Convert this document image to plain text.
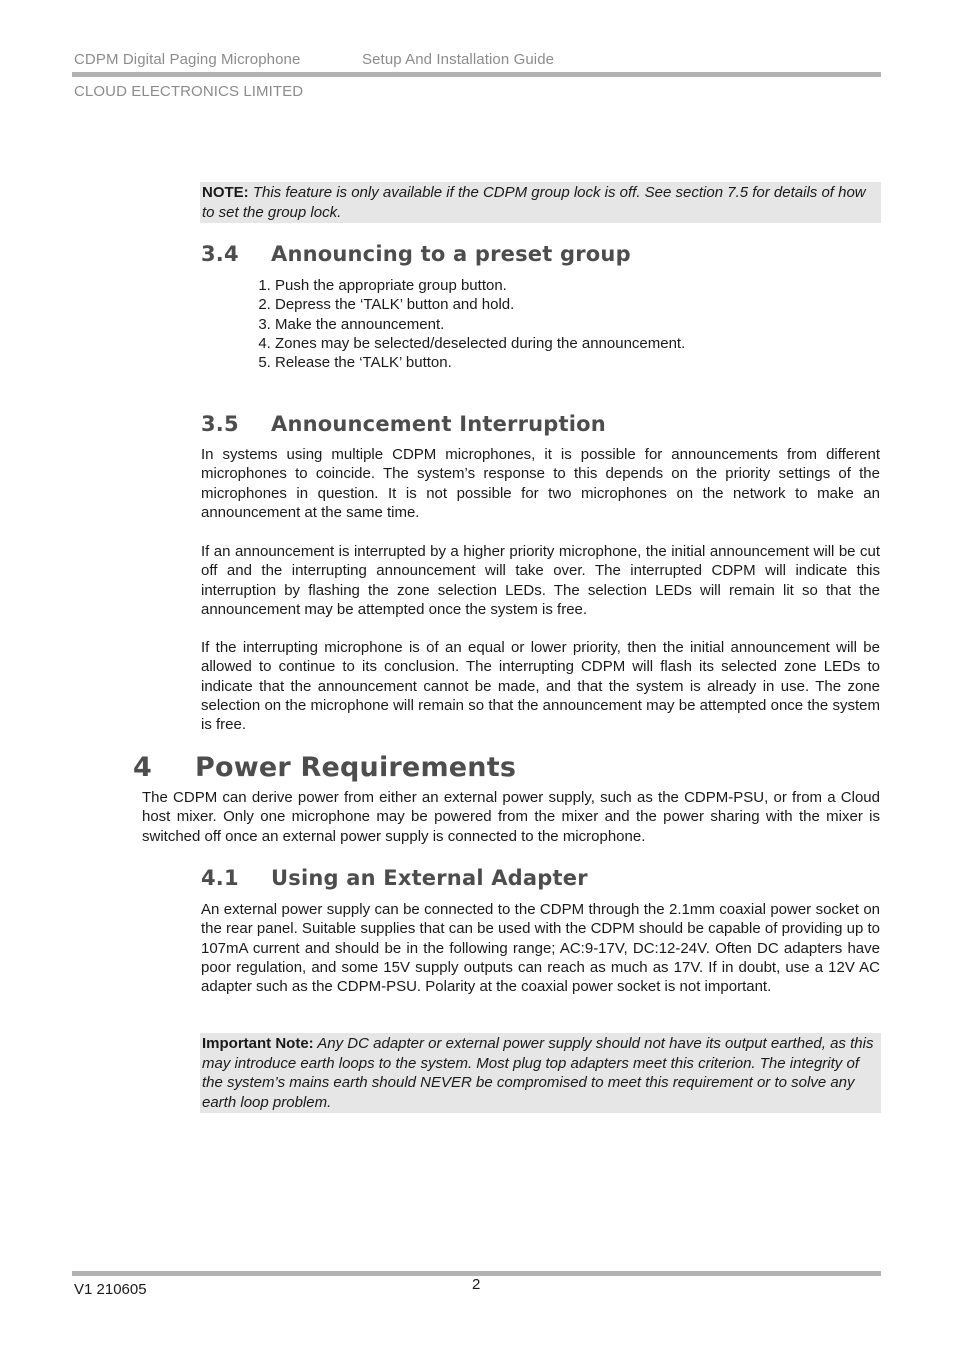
CDPM Digital Paging Microphone	Setup And Installation Guide
CLOUD ELECTRONICS LIMITED
NOTE: This feature is only available if the CDPM group lock is off. See section 7.5 for details of how to set the group lock.
3.4 Announcing to a preset group
1. Push the appropriate group button.
2. Depress the ‘TALK’ button and hold.
3. Make the announcement.
4. Zones may be selected/deselected during the announcement.
5. Release the ‘TALK’ button.
3.5 Announcement Interruption

In systems using multiple CDPM microphones, it is possible for announcements from different microphones to coincide. The system’s response to this depends on the priority settings of the microphones in question. It is not possible for two microphones on the network to make an announcement at the same time.

If an announcement is interrupted by a higher priority microphone, the initial announcement will be cut off and the interrupting announcement will take over. The interrupted CDPM will indicate this interruption by flashing the zone selection LEDs. The selection LEDs will remain lit so that the announcement may be attempted once the system is free.

If the interrupting microphone is of an equal or lower priority, then the initial announcement will be allowed to continue to its conclusion. The interrupting CDPM will flash its selected zone LEDs to indicate that the announcement cannot be made, and that the system is already in use. The zone selection on the microphone will remain so that the announcement may be attempted once the system is free.

4 Power Requirements

The CDPM can derive power from either an external power supply, such as the CDPM-PSU, or from a Cloud host mixer. Only one microphone may be powered from the mixer and the power sharing with the mixer is switched off once an external power supply is connected to the microphone.

4.1 Using an External Adapter

An external power supply can be connected to the CDPM through the 2.1mm coaxial power socket on the rear panel. Suitable supplies that can be used with the CDPM should be capable of providing up to 107mA current and should be in the following range; AC:9-17V, DC:12-24V. Often DC adapters have poor regulation, and some 15V supply outputs can reach as much as 17V. If in doubt, use a 12V AC adapter such as the CDPM-PSU. Polarity at the coaxial power socket is not important.

Important Note: Any DC adapter or external power supply should not have its output earthed, as this may introduce earth loops to the system. Most plug top adapters meet this criterion. The integrity of the system’s mains earth should NEVER be compromised to meet this requirement or to solve any earth loop problem.
V1 210605	2
